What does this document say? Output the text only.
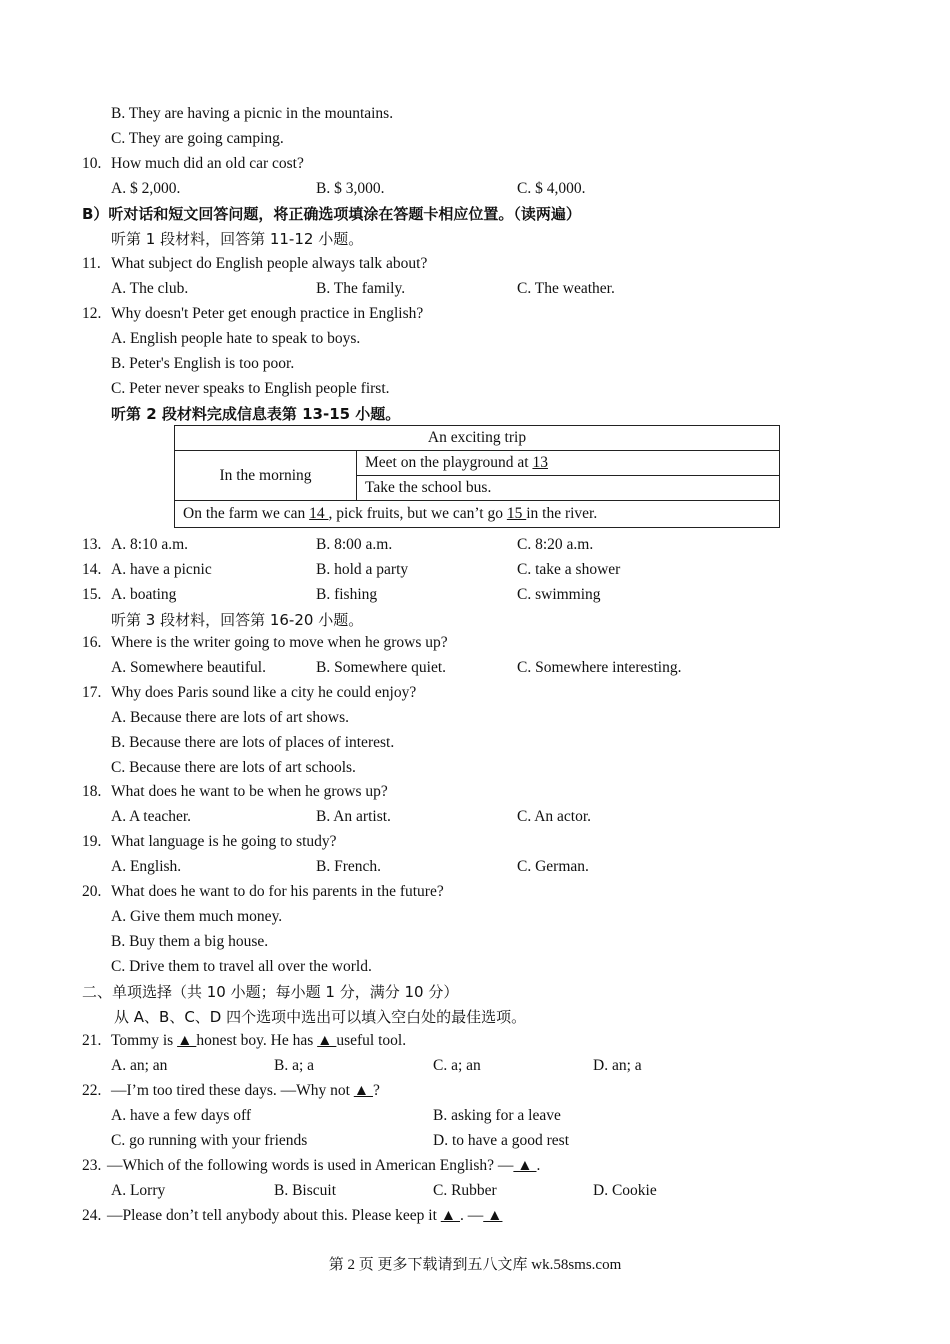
B. They are having a picnic in the mountains.
C. They are going camping.
10. How much did an old car cost?
A. $ 2,000.	B. $ 3,000.	C. $ 4,000.
B）听对话和短文回答问题，将正确选项填涂在答题卡相应位置。（读两遍）
听第 1 段材料，回答第 11-12 小题。
11. What subject do English people always talk about?
A. The club.	B. The family.	C. The weather.
12. Why doesn't Peter get enough practice in English?
A. English people hate to speak to boys.
B. Peter's English is too poor.
C. Peter never speaks to English people first.
听第 2 段材料完成信息表第 13-15 小题。
An exciting trip
In the morning	Meet on the playground at 13
Take the school bus.
On the farm we can 14 , pick fruits, but we can’t go 15 in the river.
13. A. 8:10 a.m.	B. 8:00 a.m.	C. 8:20 a.m.
14. A. have a picnic	B. hold a party	C. take a shower
15. A. boating	B. fishing	C. swimming
听第 3 段材料，回答第 16-20 小题。
16. Where is the writer going to move when he grows up?
A. Somewhere beautiful.	B. Somewhere quiet.	C. Somewhere interesting.
17. Why does Paris sound like a city he could enjoy?
A. Because there are lots of art shows.
B. Because there are lots of places of interest.
C. Because there are lots of art schools.
18. What does he want to be when he grows up?
A. A teacher.	B. An artist.	C. An actor.
19. What language is he going to study?
A. English.	B. French.	C. German.
20. What does he want to do for his parents in the future?
A. Give them much money.
B. Buy them a big house.
C. Drive them to travel all over the world.
二、单项选择（共 10 小题；每小题 1 分，满分 10 分）
从 A、B、C、D 四个选项中选出可以填入空白处的最佳选项。
21. Tommy is ▲ honest boy. He has ▲ useful tool.
A. an; an	B. a; a	C. a; an	D. an; a
22. —I’m too tired these days. —Why not ▲ ?
A. have a few days off	B. asking for a leave
C. go running with your friends	D. to have a good rest
23. —Which of the following words is used in American English? — ▲ .
A. Lorry	B. Biscuit	C. Rubber	D. Cookie
24. —Please don’t tell anybody about this. Please keep it ▲ . — ▲
第 2 页 更多下载请到五八文库 wk.58sms.com
